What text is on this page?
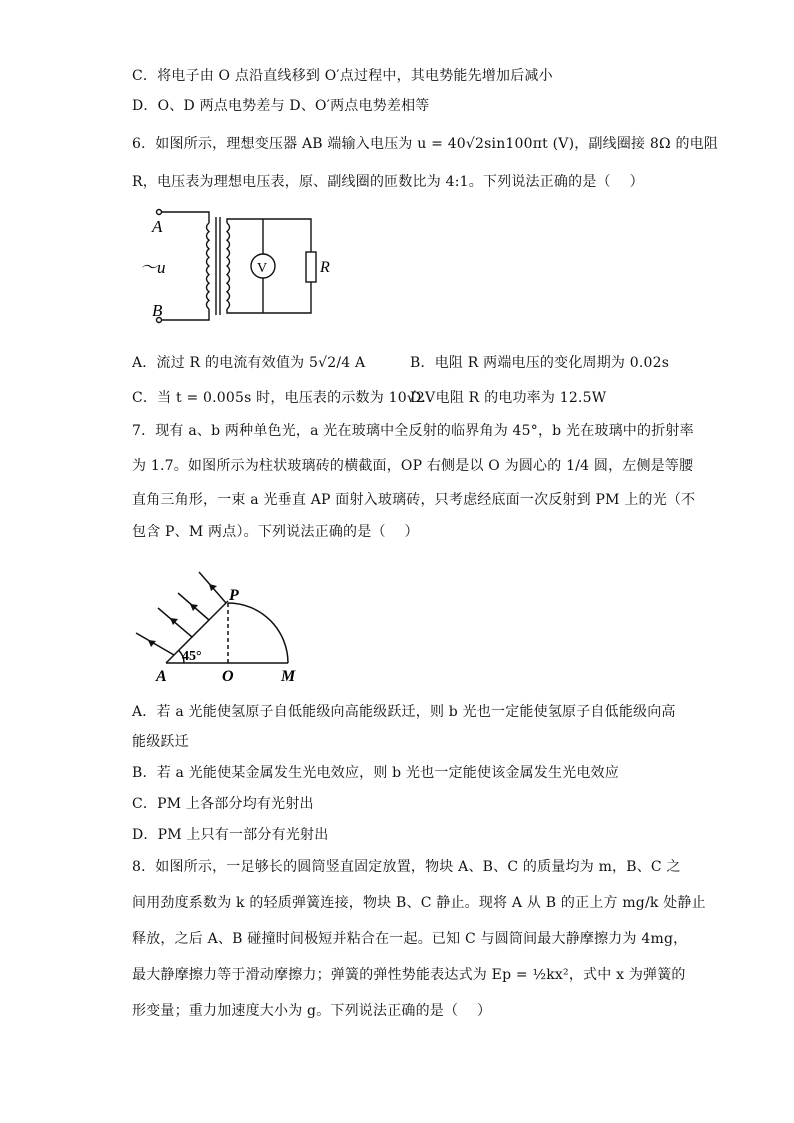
C．将电子由 O 点沿直线移到 O′点过程中，其电势能先增加后减小
D．O、D 两点电势差与 D、O′两点电势差相等
6．如图所示，理想变压器 AB 端输入电压为 u = 40√2sin100πt (V)，副线圈接 8Ω 的电阻
R，电压表为理想电压表，原、副线圈的匝数比为 4:1。下列说法正确的是（　 ）
A
B
～u	V	R
A．流过 R 的电流有效值为 5√2/4 A	B．电阻 R 两端电压的变化周期为 0.02s
C．当 t = 0.005s 时，电压表的示数为 10√2V
D．电阻 R 的电功率为 12.5W
7．现有 a、b 两种单色光，a 光在玻璃中全反射的临界角为 45°，b 光在玻璃中的折射率
为 1.7。如图所示为柱状玻璃砖的横截面，OP 右侧是以 O 为圆心的 1/4 圆，左侧是等腰
直角三角形，一束 a 光垂直 AP 面射入玻璃砖，只考虑经底面一次反射到 PM 上的光（不
包含 P、M 两点）。下列说法正确的是（　 ）
P
A	O	M
45°
A．若 a 光能使氢原子自低能级向高能级跃迁，则 b 光也一定能使氢原子自低能级向高
能级跃迁
B．若 a 光能使某金属发生光电效应，则 b 光也一定能使该金属发生光电效应
C．PM 上各部分均有光射出
D．PM 上只有一部分有光射出
8．如图所示，一足够长的圆筒竖直固定放置，物块 A、B、C 的质量均为 m，B、C 之
间用劲度系数为 k 的轻质弹簧连接，物块 B、C 静止。现将 A 从 B 的正上方 mg/k 处静止
释放，之后 A、B 碰撞时间极短并粘合在一起。已知 C 与圆筒间最大静摩擦力为 4mg，
最大静摩擦力等于滑动摩擦力；弹簧的弹性势能表达式为 Ep = ½kx²，式中 x 为弹簧的
形变量；重力加速度大小为 g。下列说法正确的是（　 ）
